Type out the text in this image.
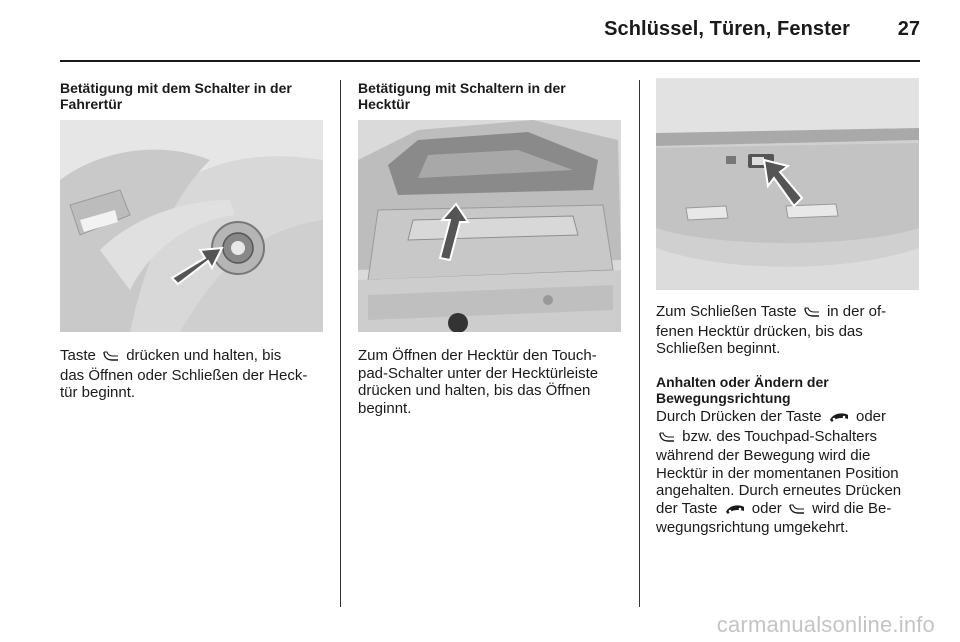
Schlüssel, Türen, Fenster	27
Betätigung mit dem Schalter in der
Fahrertür
Taste  drücken und halten, bis
das Öffnen oder Schließen der Heck-
tür beginnt.
Betätigung mit Schaltern in der
Hecktür
Zum Öffnen der Hecktür den Touch-
pad-Schalter unter der Hecktürleiste
drücken und halten, bis das Öffnen
beginnt.
Zum Schließen Taste  in der of-
fenen Hecktür drücken, bis das
Schließen beginnt.
Anhalten oder Ändern der
Bewegungsrichtung
Durch Drücken der Taste  oder
bzw. des Touchpad-Schalters
während der Bewegung wird die
Hecktür in der momentanen Position
angehalten. Durch erneutes Drücken
der Taste  oder  wird die Be-
wegungsrichtung umgekehrt.
carmanualsonline.info
